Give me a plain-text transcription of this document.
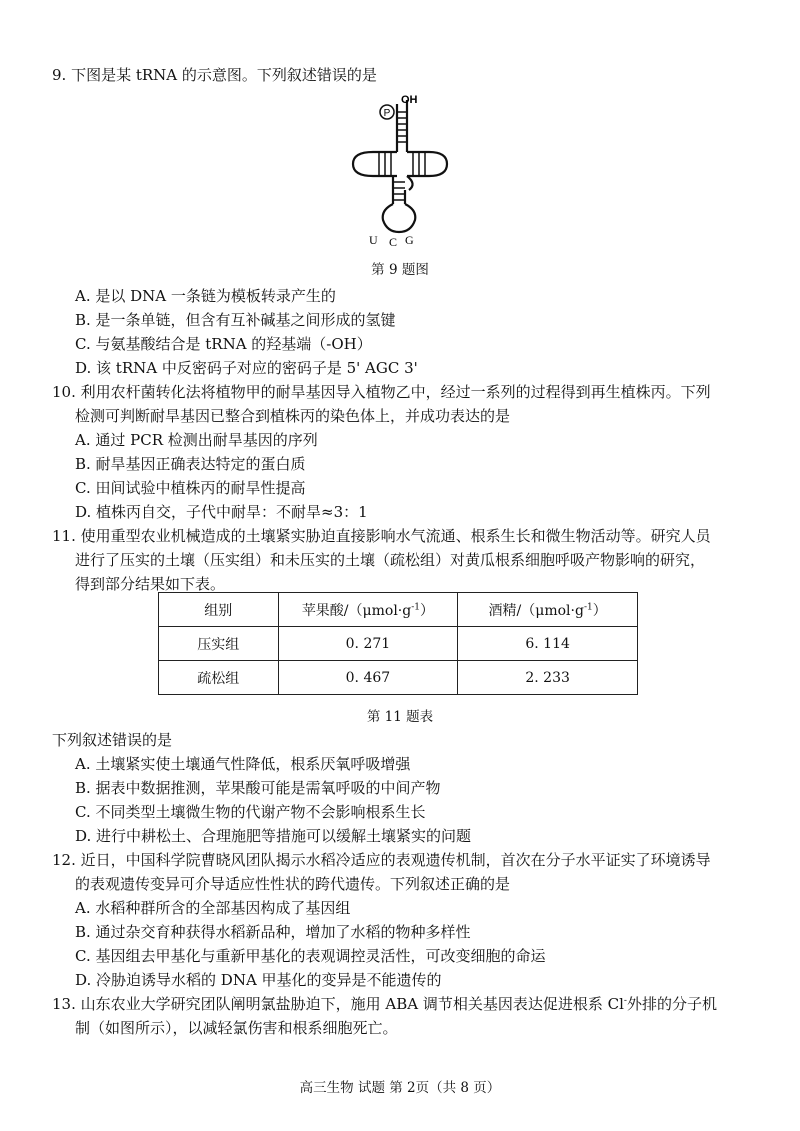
9. 下图是某 tRNA 的示意图。下列叙述错误的是
P
OH
U C G
第 9 题图
A. 是以 DNA 一条链为模板转录产生的
B. 是一条单链，但含有互补碱基之间形成的氢键
C. 与氨基酸结合是 tRNA 的羟基端（-OH）
D. 该 tRNA 中反密码子对应的密码子是 5' AGC 3'
10. 利用农杆菌转化法将植物甲的耐旱基因导入植物乙中，经过一系列的过程得到再生植株丙。下列
检测可判断耐旱基因已整合到植株丙的染色体上，并成功表达的是
A. 通过 PCR 检测出耐旱基因的序列
B. 耐旱基因正确表达特定的蛋白质
C. 田间试验中植株丙的耐旱性提高
D. 植株丙自交，子代中耐旱：不耐旱≈3：1
11. 使用重型农业机械造成的土壤紧实胁迫直接影响水气流通、根系生长和微生物活动等。研究人员
进行了压实的土壤（压实组）和未压实的土壤（疏松组）对黄瓜根系细胞呼吸产物影响的研究，
得到部分结果如下表。
组别	苹果酸$/(\mu mol\cdot g^{-1})$	酒精$/(\mu mol\cdot g^{-1})$
压实组	0. 271	6. 114
疏松组	0. 467	2. 233
第 11 题表
下列叙述错误的是
A. 土壤紧实使土壤通气性降低，根系厌氧呼吸增强
B. 据表中数据推测，苹果酸可能是需氧呼吸的中间产物
C. 不同类型土壤微生物的代谢产物不会影响根系生长
D. 进行中耕松土、合理施肥等措施可以缓解土壤紧实的问题
12. 近日，中国科学院曹晓风团队揭示水稻冷适应的表观遗传机制，首次在分子水平证实了环境诱导
的表观遗传变异可介导适应性性状的跨代遗传。下列叙述正确的是
A. 水稻种群所含的全部基因构成了基因组
B. 通过杂交育种获得水稻新品种，增加了水稻的物种多样性
C. 基因组去甲基化与重新甲基化的表观调控灵活性，可改变细胞的命运
D. 冷胁迫诱导水稻的 DNA 甲基化的变异是不能遗传的
13. 山东农业大学研究团队阐明氯盐胁迫下，施用 ABA 调节相关基因表达促进根系 Cl-外排的分子机
制（如图所示），以减轻氯伤害和根系细胞死亡。
高三生物 试题 第 2页（共 8 页）
